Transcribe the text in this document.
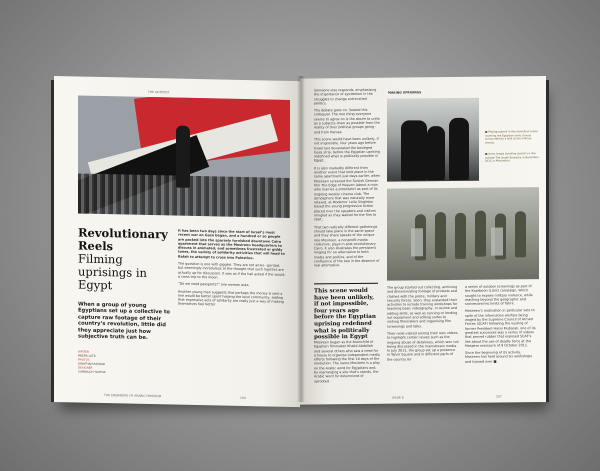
THE OUTPOST
Revolutionary Reels
Filming uprisings in Egypt
When a group of young Egyptians set up a collective to capture raw footage of their country’s revolution, little did they appreciate just how subjective truth can be.
WRITER
MEERA LUTZ
PHOTOS
JONATHAN RASHAD
DESIGNER
SUPANUCH YAUTHA

It has been two days since the start of Israel’s most recent war on Gaza began, and a hundred or so people are packed into the sparsely furnished downtown Cairo apartment that serves as the Mosireen headquarters to discuss in animated, and sometimes frustrated or giddy tones, the variety of solidarity activities that will head to Rafah to attempt to cross into Palestine.

The question is one with giggles. They are not anxio- spirited, but seemingly incredulous at the thought that such logistics are actually up for discussion. It was as if the hall asked if the would-a cross trip to the moon.

“Do we need passports?” one woman asks.

Another young man suggests that perhaps the money is sent a line would be better spent helping the local community, adding that expressive acts of solidarity are really just a way of making themselves feel better

THE ENGINEERS OF ARABIC FREEDOM	100
MAKING UPRISINGS

Someone else responds, emphasising the importance of symbolism in the struggles to change entrenched politics.

The debate goes on. Seated this colloquial. The one thing everyone seems to agree on is the desire to unite as a subjects dram as possible from the reality of their political groups going - and from Hamas.

This scene would have been unlikely, if not impossible, four years ago before Israel last devastated the besieged Gaza strip, before the Egyptian uprising redefined what is politically possible in Egypt.

It is also markedly different from another event that took place in the same apartment just days earlier, when Mosireen screened the Turkish German film The Edge of Heaven (about a man who marries a prostitute) as part of its ongoing weekly cinema club. The atmosphere that was naturally more relaxed, at Moderno’ Leila Singleton based the young progressive Arabic placed over the speakers and visitors mingled as they waited for the film to start.

That two radically different gatherings should take place in the same space and they share speaks of the unique role Mosireen, a nonprofit media collective, plays in post-revolutionary Cairo. It also illustrates the persistent longing for an alternative to both media and politics, and of the confluence of the two in the absence of real alternative.

This scene would have been unlikely, if not impossible, four years ago before the Egyptian uprising redefined what is politically possible in Egypt

Mosireen began as the brainchild of Egyptian filmmaker Khalid Abdallah and several others who saw a need for a house to organise independent media efforts following the first 18 days of the revolution. The name Mosireen is a play on the Arabic word for Egyptians and, by rearranging a site that’s stands, the Arabic word for determined of uprooted.

■ Photographers in the revolution scene covering the Egyptian army convoy surrounded by a wall at the military checks.
■ Army troops standing guard in a line outside The Israeli Embassy in November 2011 in Alexandria.

The group started out collecting, archiving and disseminating footage of protests and clashes with the police, military and security forces. Soon, they expanded their activities to include training workshops for teaching basic videography, in-review and editing skills, as well as running or lending out equipment and editing suites to visiting filmmakers and organising film screenings and talks.

Their most-visited among their own videos to highlight certain issues such as the ongoing abuse of detainees, which won not being discussed in the mainstream media. In July 2011, the group set up a presence in Tahrir Square and in different parts of the country for

a series of outdoor screenings as part of the Kazeboon (Liars) campaign, which sought to expose military violence, while reaching beyond the geographic and socioeconomic limits of Tahrir.

Mosireen’s motivation in particular sets to spite of the information warfare being waged by the Supreme Council of Armed Forces (SCAF) following the ousting of former President Hosni Mubarak, one of its greatest successes was a series of videos that proved rubber that exposed SCAF’s lies about the use of deadly force at the Maspero massacre of 9 October 2011.

Since the beginning of its activity, Mosireen has held around six workshops and trained over ■

ISSUE 6	107
